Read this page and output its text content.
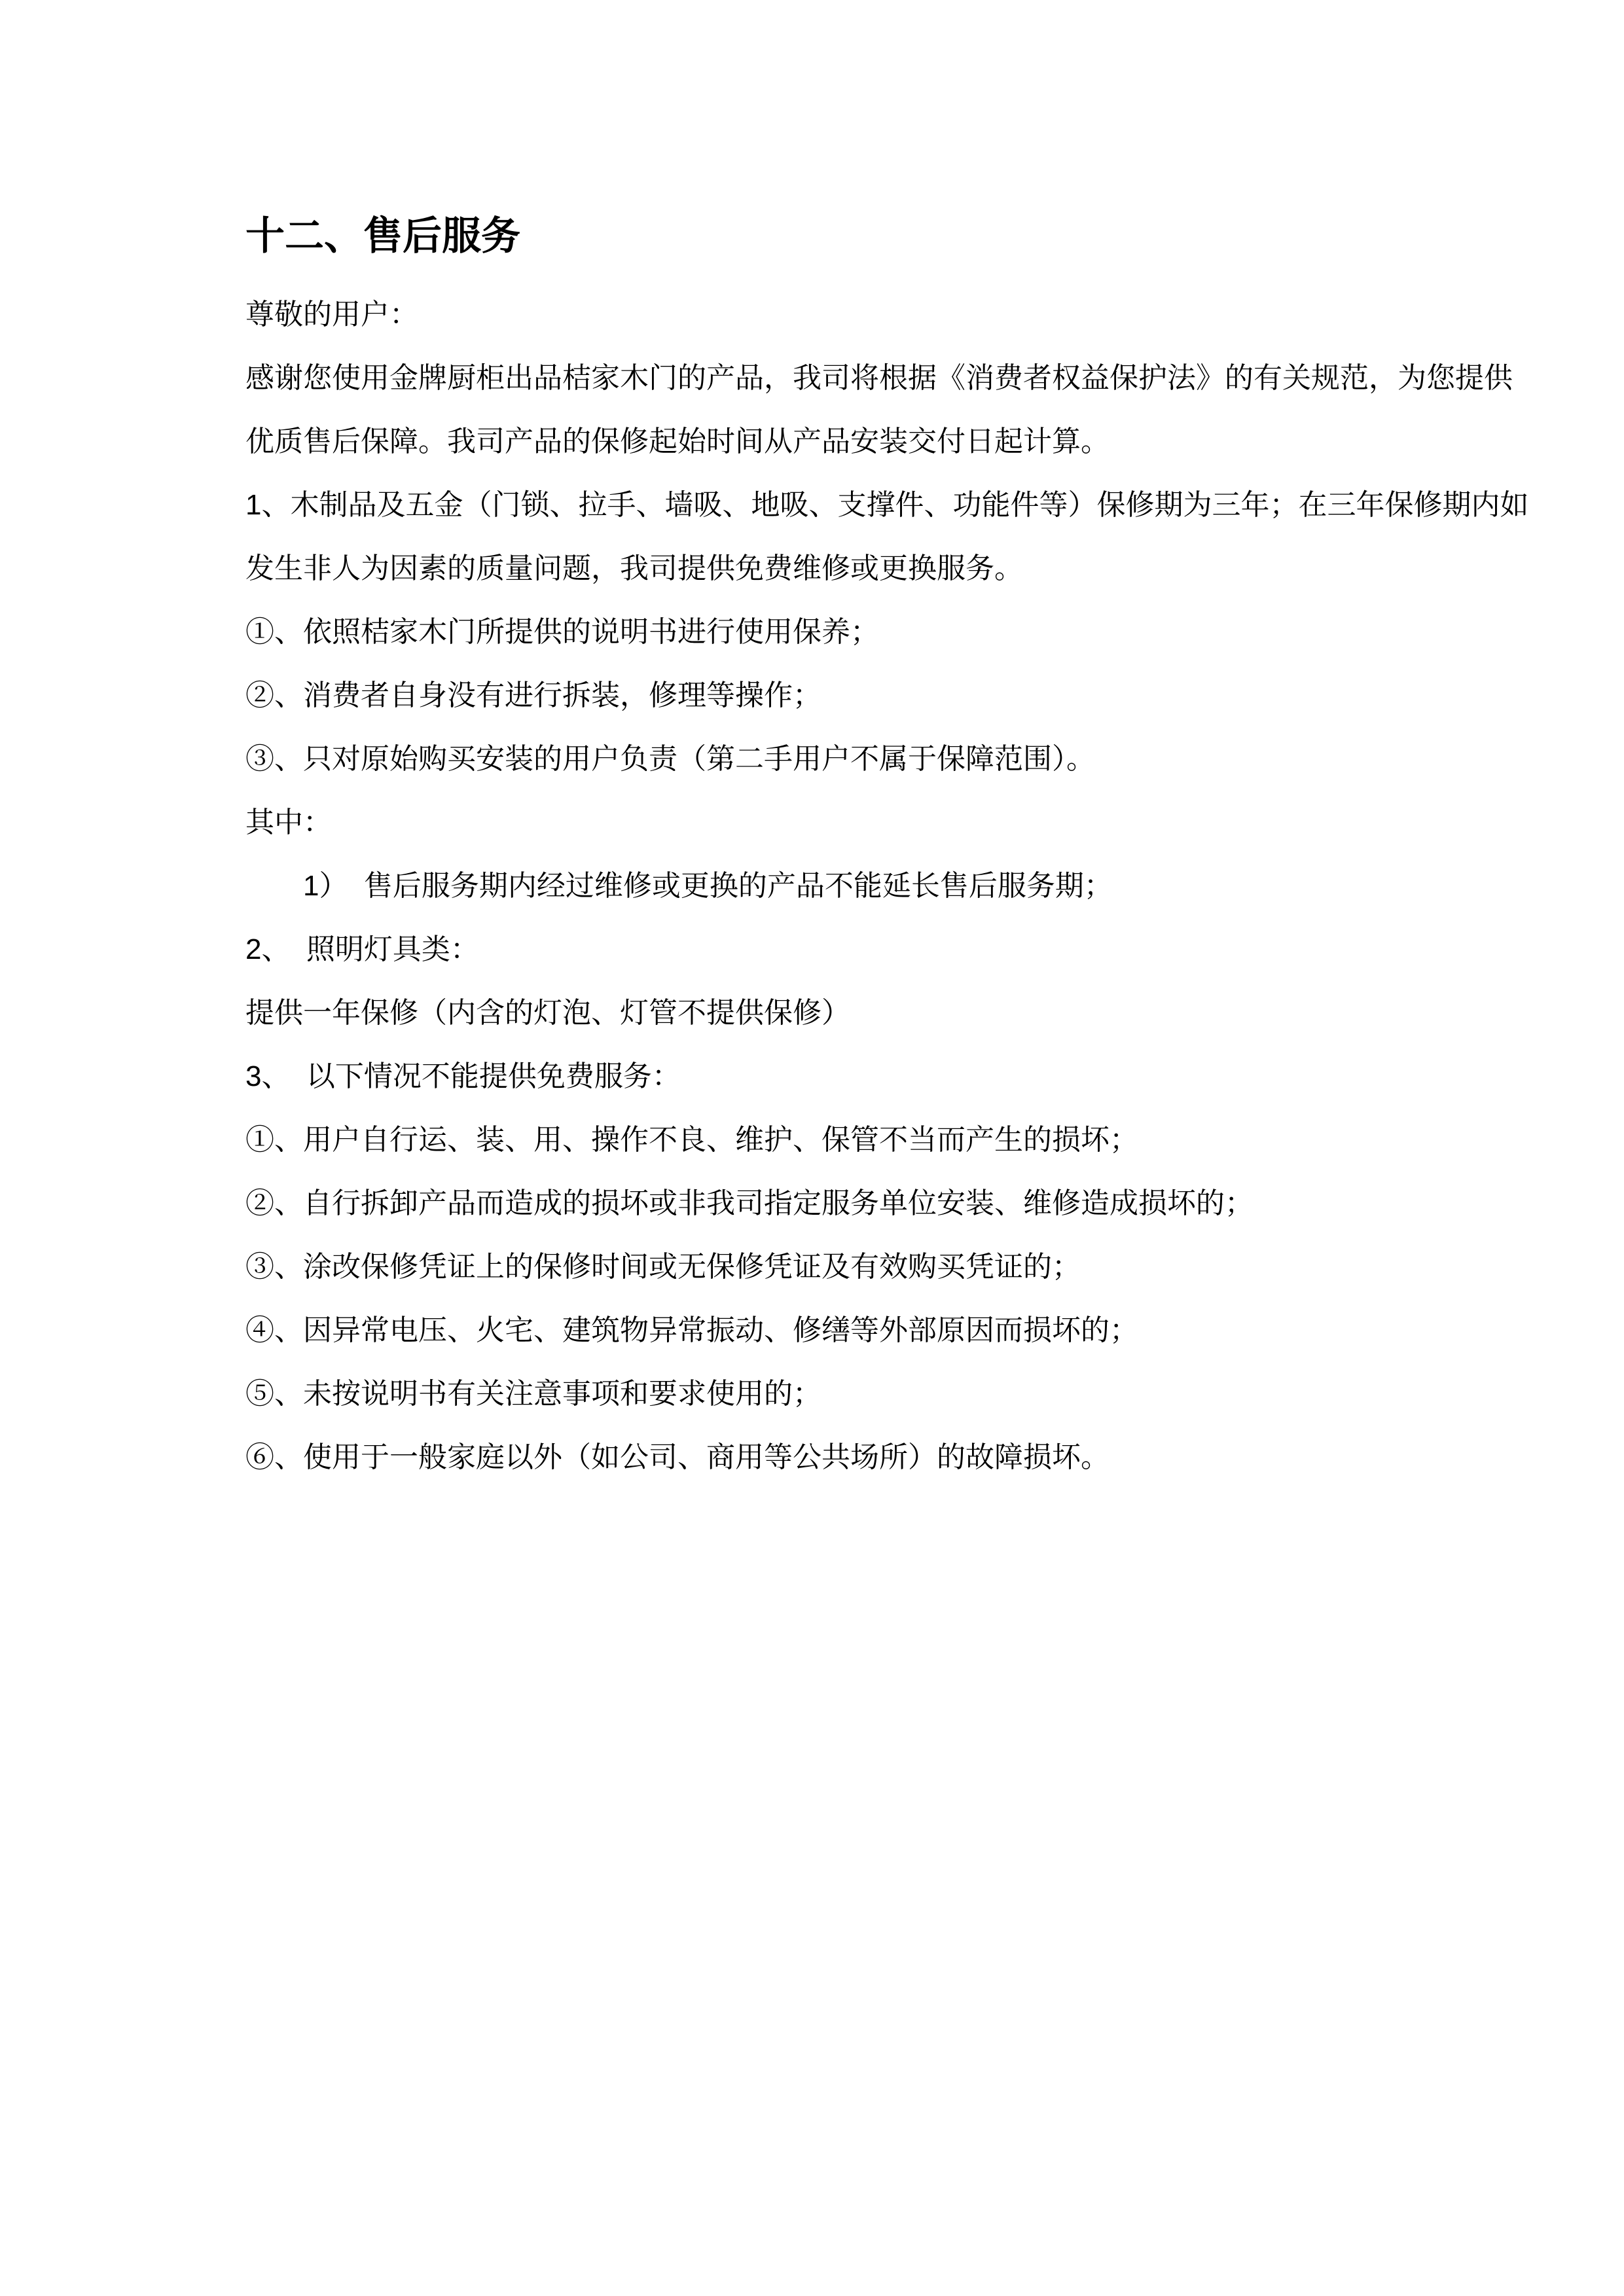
十二、售后服务
尊敬的用户：
感谢您使用金牌厨柜出品桔家木门的产品，我司将根据《消费者权益保护法》的有关规范，为您提供
优质售后保障。我司产品的保修起始时间从产品安装交付日起计算。
1、木制品及五金（门锁、拉手、墙吸、地吸、支撑件、功能件等）保修期为三年；在三年保修期内如
发生非人为因素的质量问题，我司提供免费维修或更换服务。
①、依照桔家木门所提供的说明书进行使用保养；
②、消费者自身没有进行拆装，修理等操作；
③、只对原始购买安装的用户负责（第二手用户不属于保障范围）。
其中：
1）  售后服务期内经过维修或更换的产品不能延长售后服务期；
2、  照明灯具类：
提供一年保修（内含的灯泡、灯管不提供保修）
3、  以下情况不能提供免费服务：
①、用户自行运、装、用、操作不良、维护、保管不当而产生的损坏；
②、自行拆卸产品而造成的损坏或非我司指定服务单位安装、维修造成损坏的；
③、涂改保修凭证上的保修时间或无保修凭证及有效购买凭证的；
④、因异常电压、火宅、建筑物异常振动、修缮等外部原因而损坏的；
⑤、未按说明书有关注意事项和要求使用的；
⑥、使用于一般家庭以外（如公司、商用等公共场所）的故障损坏。
